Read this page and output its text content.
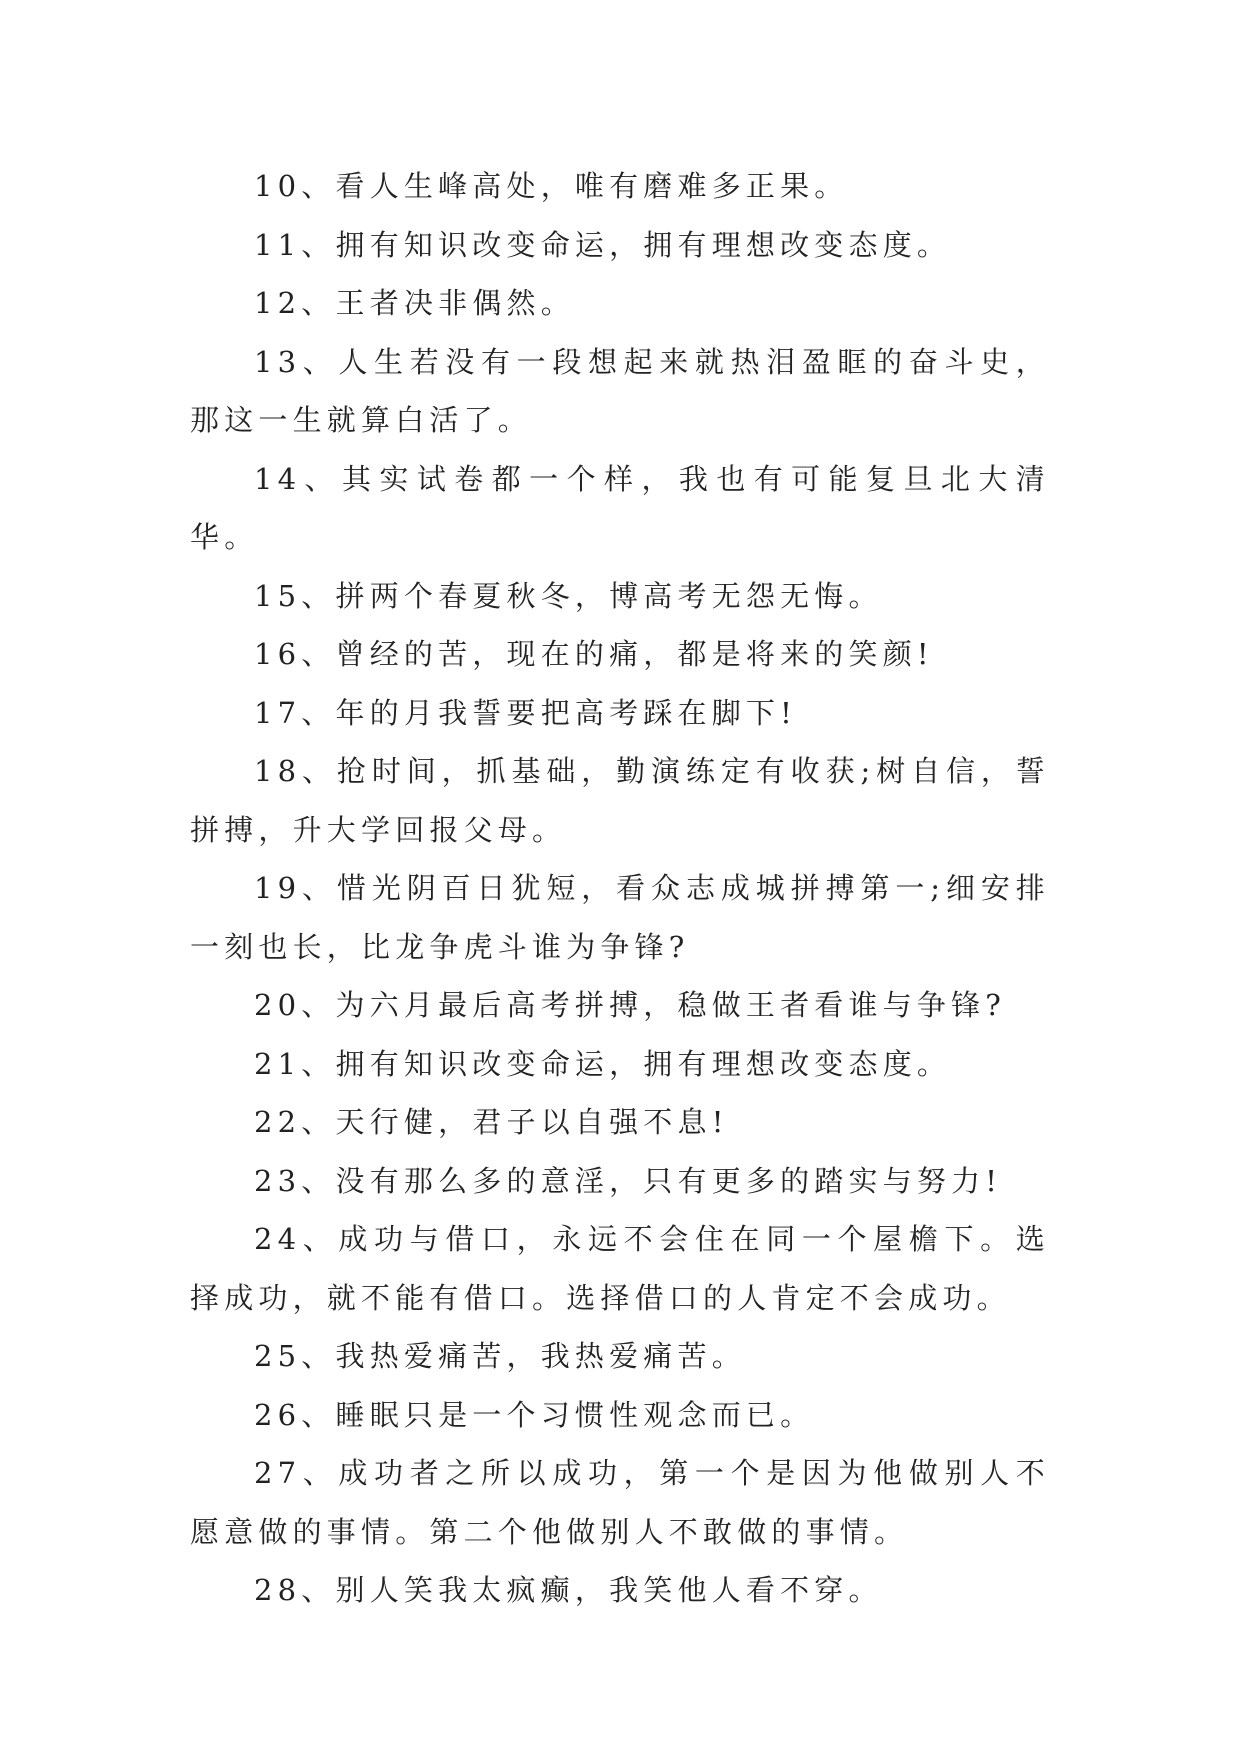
10、看人生峰高处，唯有磨难多正果。

11、拥有知识改变命运，拥有理想改变态度。

12、王者决非偶然。

13、人生若没有一段想起来就热泪盈眶的奋斗史，那这一生就算白活了。

14、其实试卷都一个样，我也有可能复旦北大清华。

15、拼两个春夏秋冬，博高考无怨无悔。

16、曾经的苦，现在的痛，都是将来的笑颜!

17、年的月我誓要把高考踩在脚下!

18、抢时间，抓基础，勤演练定有收获;树自信，誓拼搏，升大学回报父母。

19、惜光阴百日犹短，看众志成城拼搏第一;细安排一刻也长，比龙争虎斗谁为争锋?

20、为六月最后高考拼搏，稳做王者看谁与争锋?

21、拥有知识改变命运，拥有理想改变态度。

22、天行健，君子以自强不息!

23、没有那么多的意淫，只有更多的踏实与努力!

24、成功与借口，永远不会住在同一个屋檐下。选择成功，就不能有借口。选择借口的人肯定不会成功。

25、我热爱痛苦，我热爱痛苦。

26、睡眠只是一个习惯性观念而已。

27、成功者之所以成功，第一个是因为他做别人不愿意做的事情。第二个他做别人不敢做的事情。

28、别人笑我太疯癫，我笑他人看不穿。
